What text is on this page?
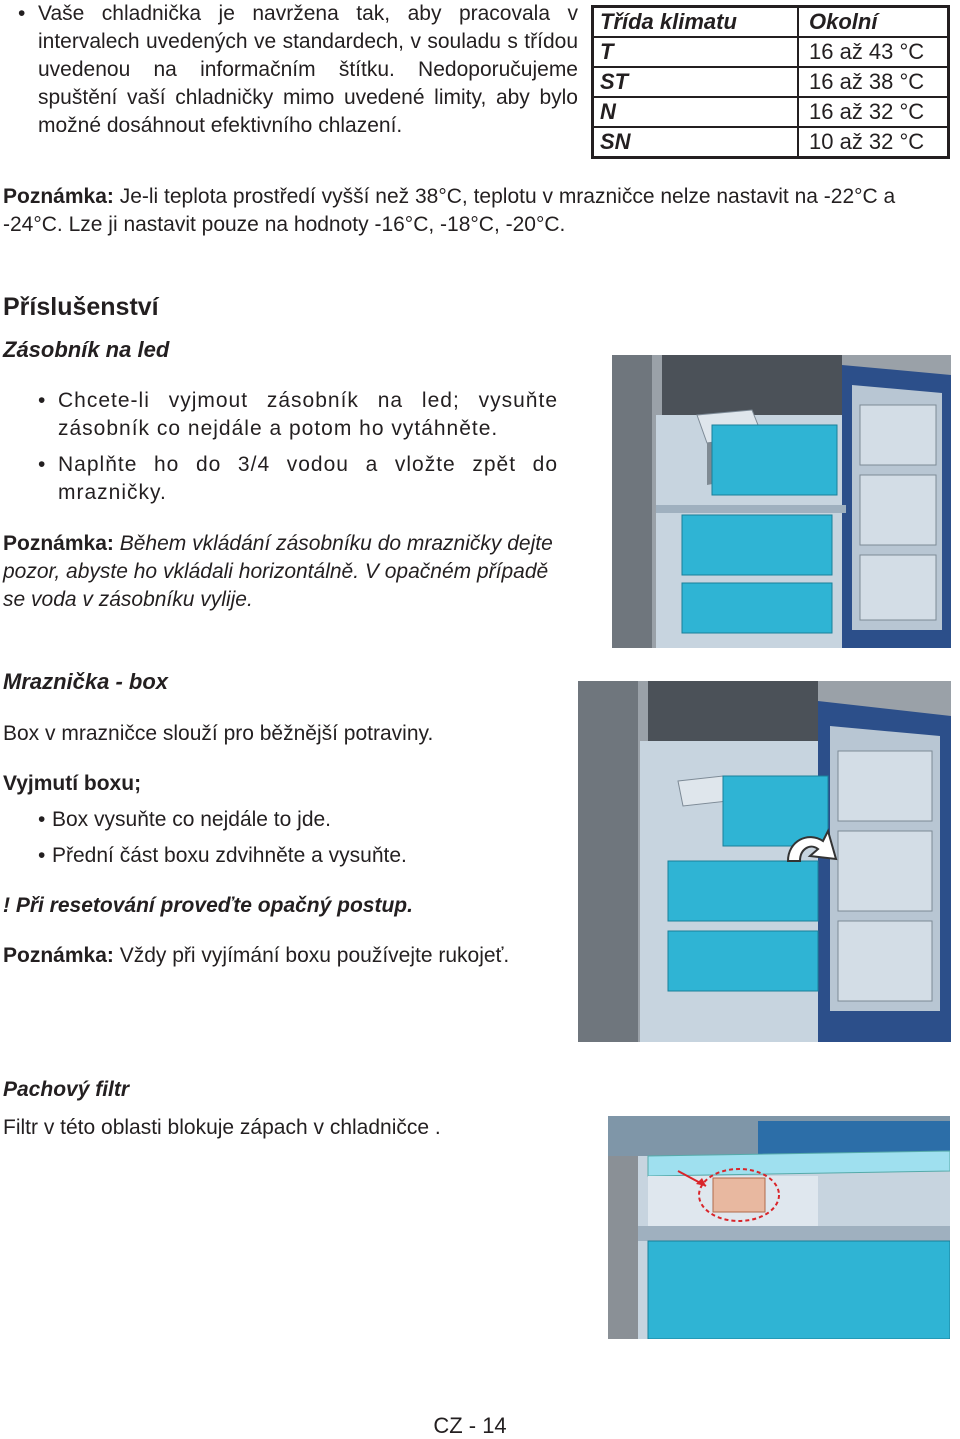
• Vaše chladnička je navržena tak, aby pracovala v intervalech uvedených ve standardech, v souladu s třídou uvedenou na informačním štítku. Nedoporučujeme spuštění vaší chladničky mimo uvedené limity, aby bylo možné dosáhnout efektivního chlazení.
Třída klimatu	Okolní
T	16 až 43 °C
ST	16 až 38 °C
N	16 až 32 °C
SN	10 až 32 °C
Poznámka: Je-li teplota prostředí vyšší než 38°C, teplotu v mrazničce nelze nastavit na -22°C a -24°C. Lze ji nastavit pouze na hodnoty -16°C, -18°C, -20°C.
Příslušenství
Zásobník na led
• Chcete-li vyjmout zásobník na led; vysuňte zásobník co nejdále a potom ho vytáhněte.
• Naplňte ho do 3/4 vodou a vložte zpět do mrazničky.
Poznámka: Během vkládání zásobníku do mrazničky dejte pozor, abyste ho vkládali horizontálně. V opačném případě se voda v zásobníku vylije.
Mraznička - box
Box v mrazničce slouží pro běžnější potraviny.
Vyjmutí boxu;
• Box vysuňte co nejdále to jde.
• Přední část boxu zdvihněte a vysuňte.
! Při resetování proveďte opačný postup.
Poznámka: Vždy při vyjímání boxu používejte rukojeť.
Pachový filtr
Filtr v této oblasti blokuje zápach v chladničce .
CZ - 14
